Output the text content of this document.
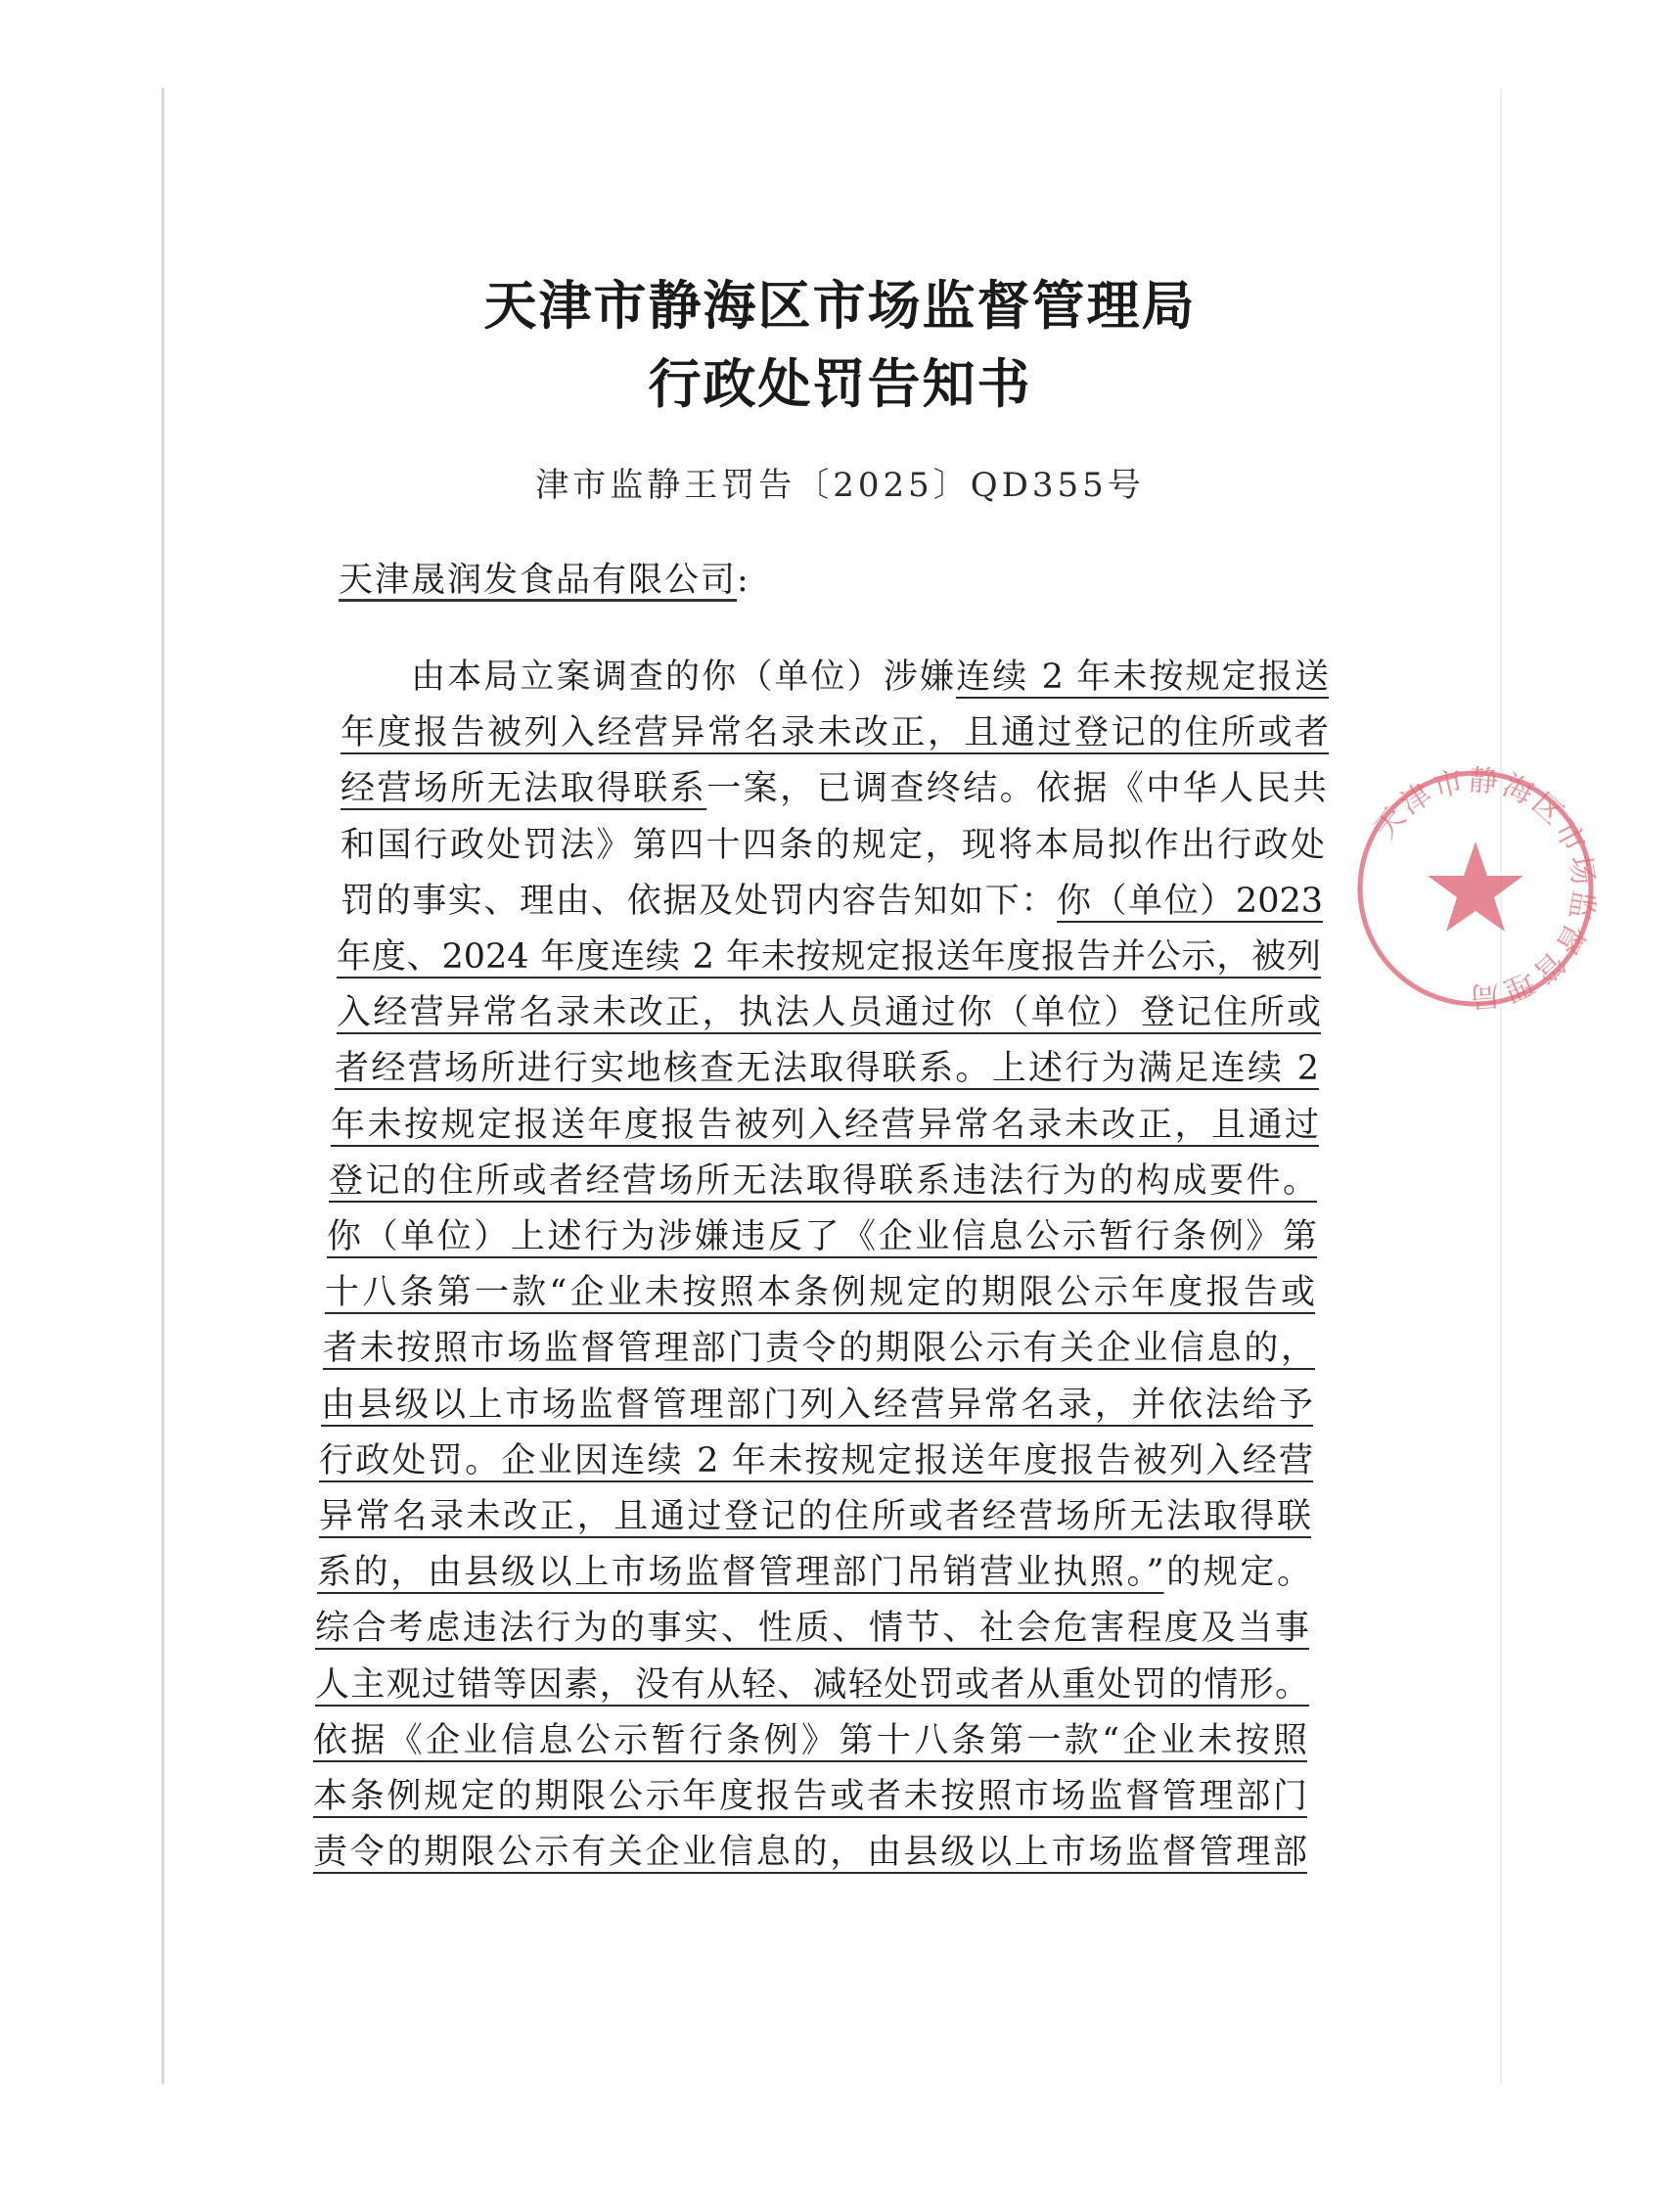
天津市静海区市场监督管理局
行政处罚告知书
津市监静王罚告〔2025〕QD355号
天津晟润发食品有限公司:
由本局立案调查的你（单位）涉嫌连续 2 年未按规定报送
年度报告被列入经营异常名录未改正，且通过登记的住所或者
经营场所无法取得联系一案，已调查终结。依据《中华人民共
和国行政处罚法》第四十四条的规定，现将本局拟作出行政处
罚的事实、理由、依据及处罚内容告知如下：你（单位）2023
年度、2024 年度连续 2 年未按规定报送年度报告并公示，被列
入经营异常名录未改正，执法人员通过你（单位）登记住所或
者经营场所进行实地核查无法取得联系。上述行为满足连续 2
年未按规定报送年度报告被列入经营异常名录未改正，且通过
登记的住所或者经营场所无法取得联系违法行为的构成要件。
你（单位）上述行为涉嫌违反了《企业信息公示暂行条例》第
十八条第一款“企业未按照本条例规定的期限公示年度报告或
者未按照市场监督管理部门责令的期限公示有关企业信息的，
由县级以上市场监督管理部门列入经营异常名录，并依法给予
行政处罚。企业因连续 2 年未按规定报送年度报告被列入经营
异常名录未改正，且通过登记的住所或者经营场所无法取得联
系的，由县级以上市场监督管理部门吊销营业执照。”的规定。
综合考虑违法行为的事实、性质、情节、社会危害程度及当事
人主观过错等因素，没有从轻、减轻处罚或者从重处罚的情形。
依据《企业信息公示暂行条例》第十八条第一款“企业未按照
本条例规定的期限公示年度报告或者未按照市场监督管理部门
责令的期限公示有关企业信息的，由县级以上市场监督管理部
天津市静海区市场监督管理局
